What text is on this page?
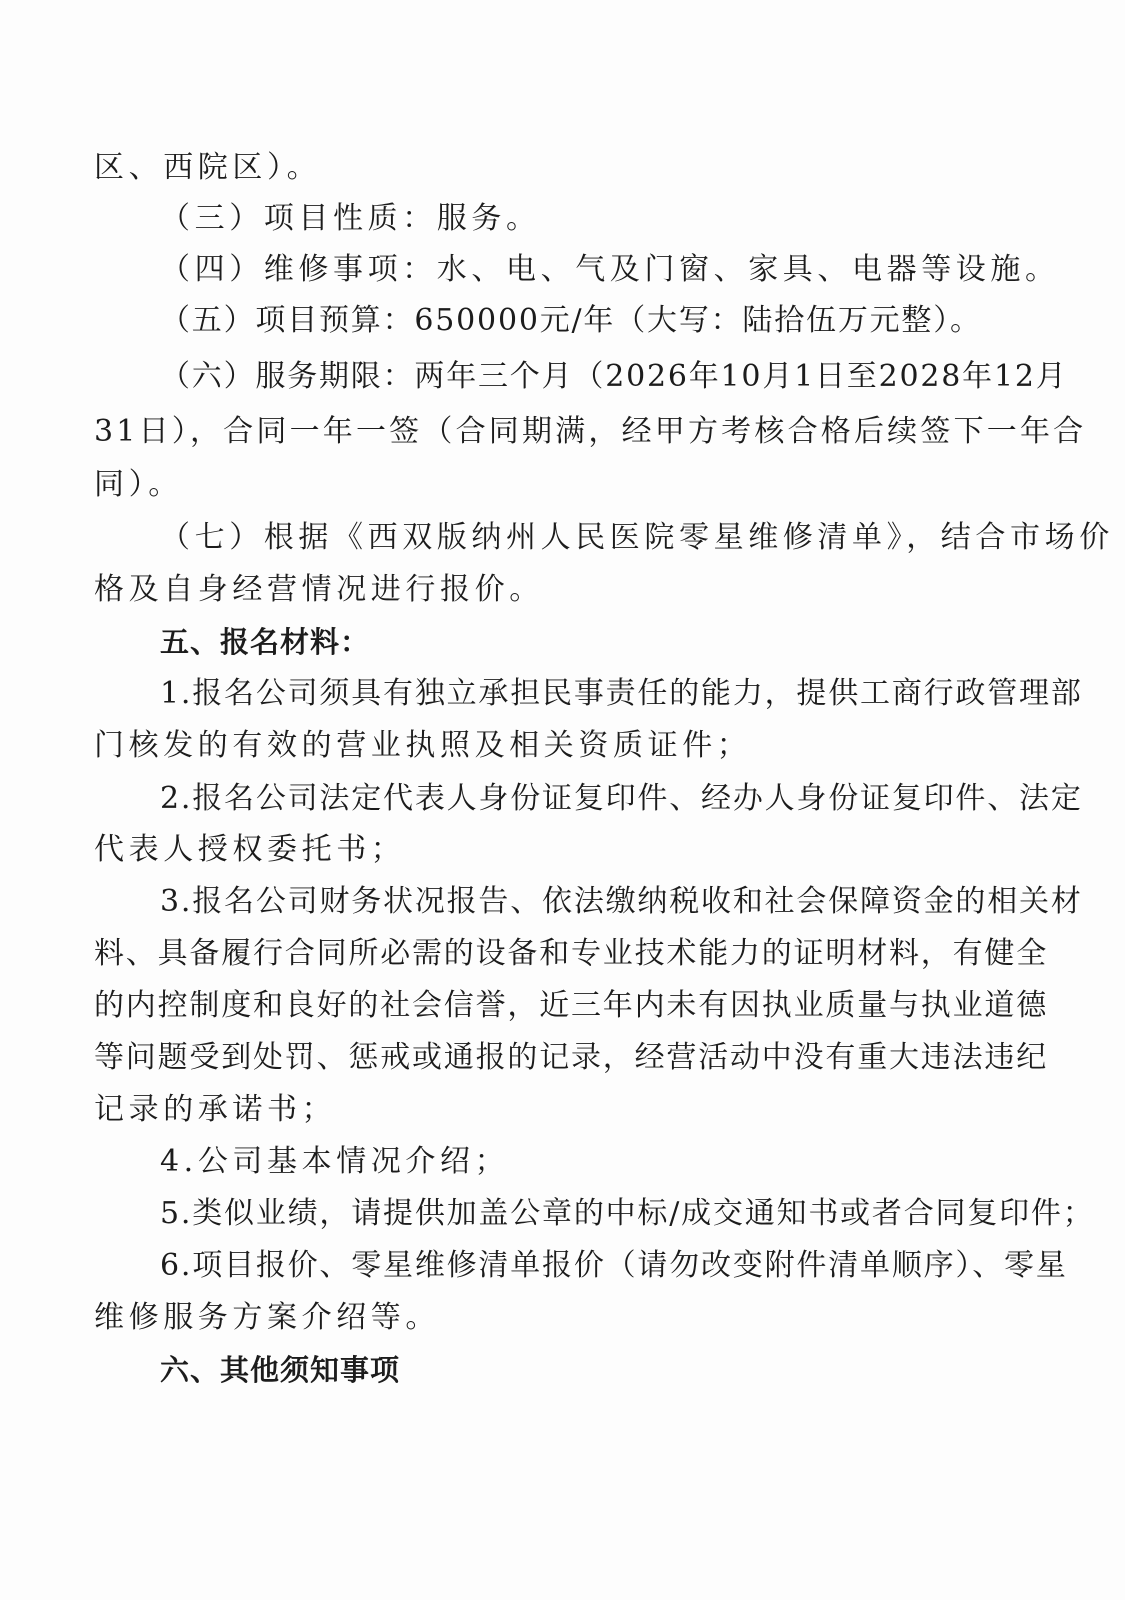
区、西院区）。
（三）项目性质：服务。
（四）维修事项：水、电、气及门窗、家具、电器等设施。
（五）项目预算：650000元/年（大写：陆拾伍万元整）。
（六）服务期限：两年三个月（2026年10月1日至2028年12月
31日），合同一年一签（合同期满，经甲方考核合格后续签下一年合
同）。
（七）根据《西双版纳州人民医院零星维修清单》，结合市场价
格及自身经营情况进行报价。
五、报名材料：
1.报名公司须具有独立承担民事责任的能力，提供工商行政管理部
门核发的有效的营业执照及相关资质证件；
2.报名公司法定代表人身份证复印件、经办人身份证复印件、法定
代表人授权委托书；
3.报名公司财务状况报告、依法缴纳税收和社会保障资金的相关材
料、具备履行合同所必需的设备和专业技术能力的证明材料，有健全
的内控制度和良好的社会信誉，近三年内未有因执业质量与执业道德
等问题受到处罚、惩戒或通报的记录，经营活动中没有重大违法违纪
记录的承诺书；
4.公司基本情况介绍；
5.类似业绩，请提供加盖公章的中标/成交通知书或者合同复印件；
6.项目报价、零星维修清单报价（请勿改变附件清单顺序）、零星
维修服务方案介绍等。
六、其他须知事项
